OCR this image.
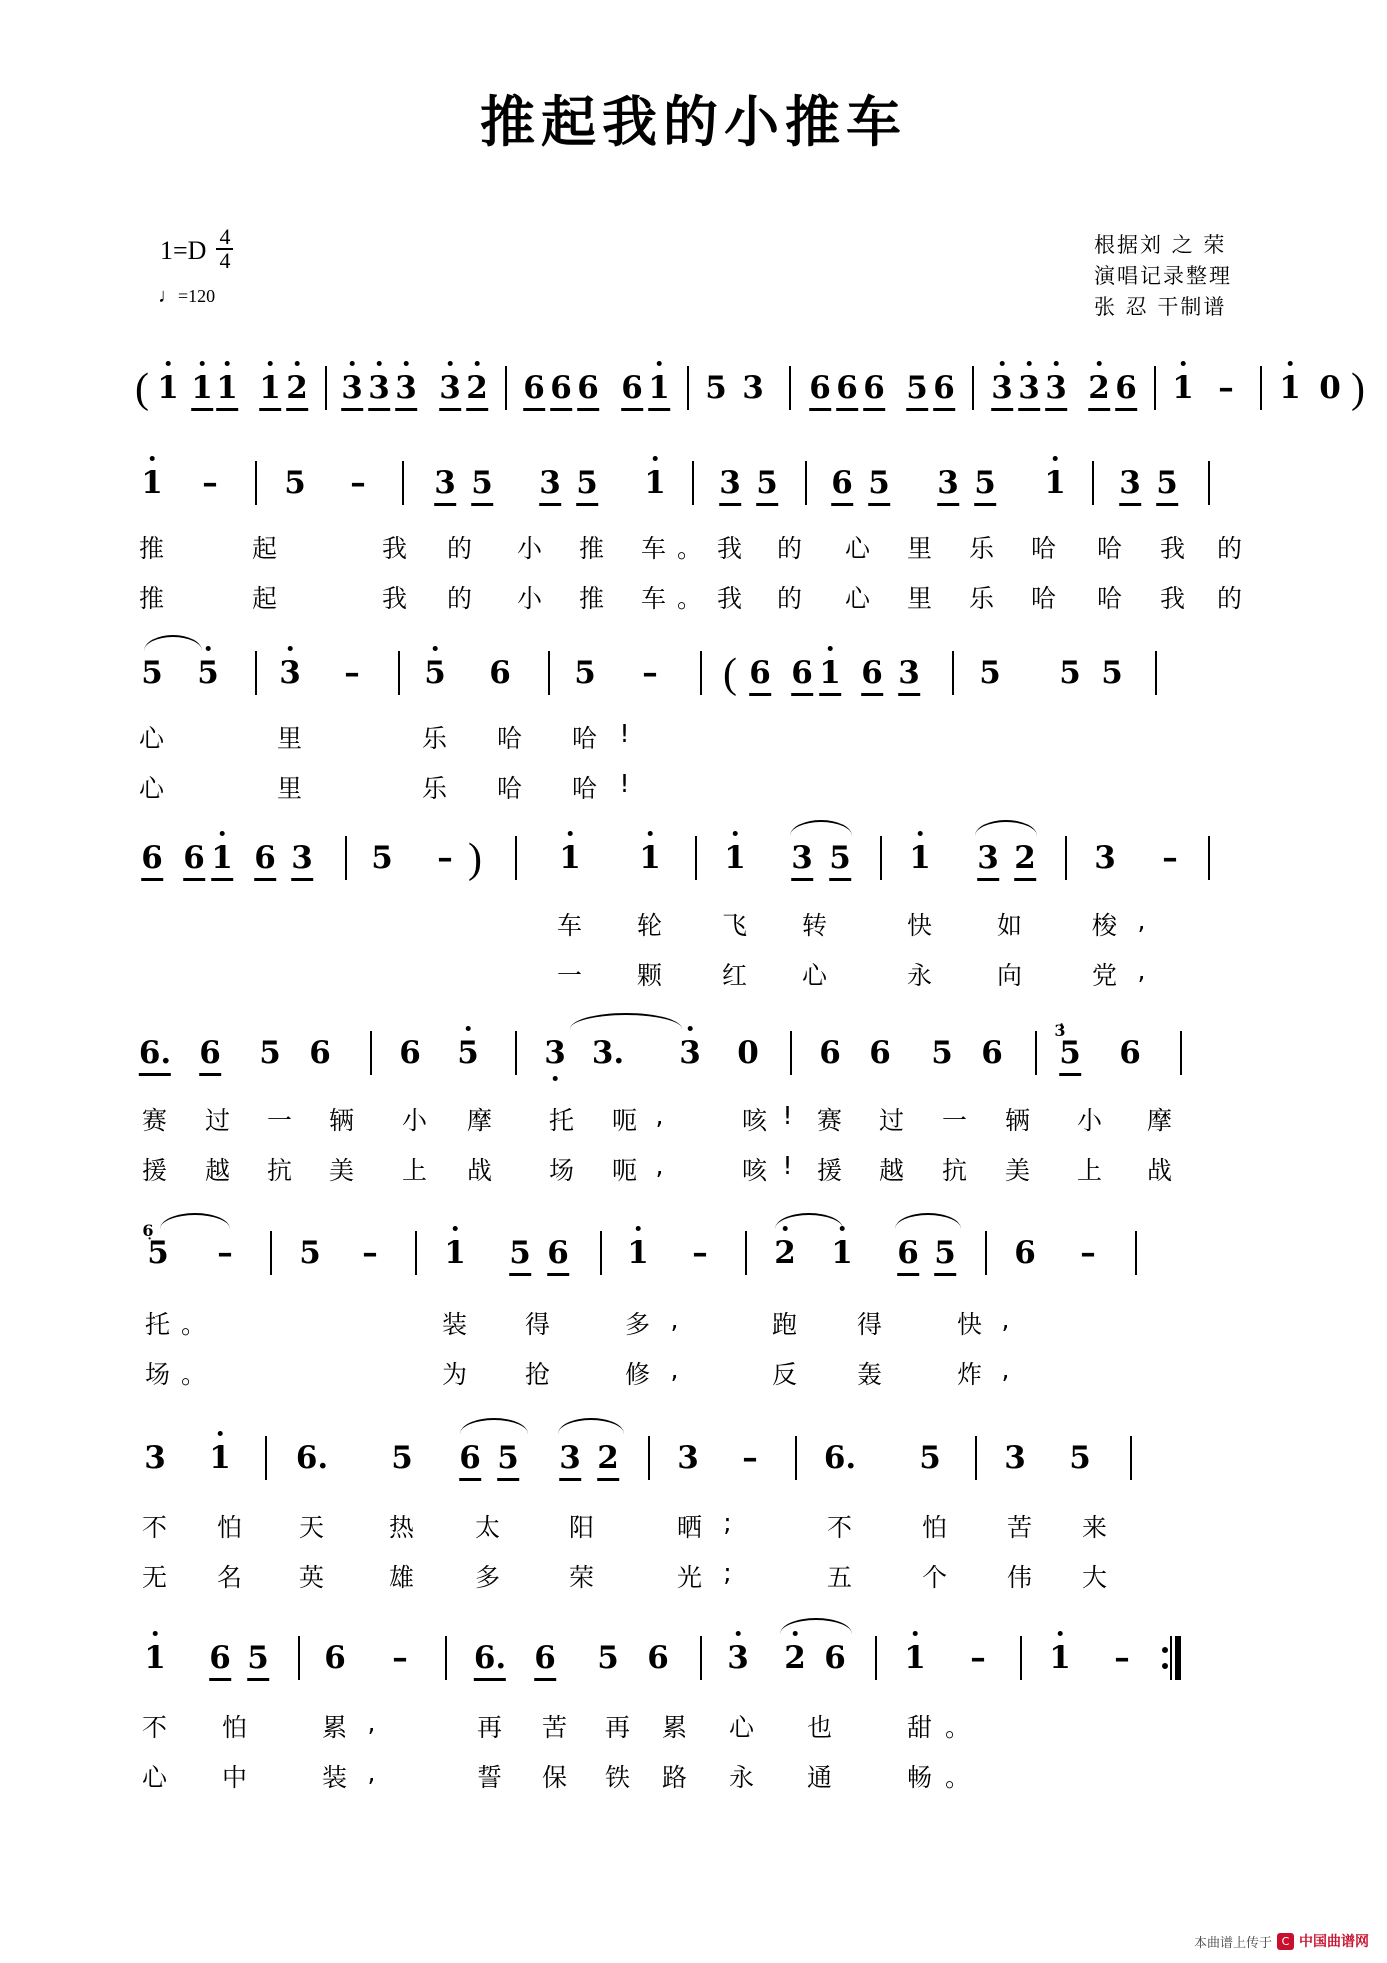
推起我的小推车
$1=D \frac{4}{4}$
♩=120
根据刘 之 荣
演唱记录整理
张 忍 干制谱
( 1 1 1 1 2 3 3 3 3 2 6 6 6 6 1 5 3 6 6 6 5 6 3 3 3 2 6 1 – 1 0 )
1 – 5 – 3 5 3 5 1 3 5 6 5 3 5 1 3 5
推	起	我 的 小 推 车 。 我 的 心 里 乐 哈 哈 我 的
推	起	我 的 小 推 车 。 我 的 心 里 乐 哈 哈 我 的
5 5 3 – 5 6 5 – ( 6 6 1 6 3 5 5 5
心	里	乐 哈 哈 !
心	里	乐 哈 哈 !
6 6 1 6 3 5 – ) 1 1 1 3 5 1 3 2 3 –
车 轮 飞 转	快	如	梭 ,
一 颗 红 心	永	向	党 ,
6. 6 5 6 6 5 3 3. 3 0 6 6 5 6
3̇
5 6
赛 过 一 辆 小 摩 托 呃 ,	咳 ! 赛 过 一 辆 小 摩
援 越 抗 美 上 战 场 呃 ,	咳 ! 援 越 抗 美 上 战
6̣
5 – 5 – 1 5 6 1 – 2 1 6 5 6 –
托 。	装 得	多 ,	跑 得	快 ,
场 。	为 抢	修 ,	反 轰	炸 ,
3 1 6. 5 6 5 3 2 3 – 6. 5 3 5
不 怕 天	热 太	阳	晒 ;	不	怕 苦 来
无 名 英	雄 多	荣	光 ;	五	个 伟 大
1 6 5 6 – 6. 6 5 6 3 2 6 1 – 1 –
不 怕	累 ,	再 苦 再 累 心 也	甜 。
心 中	装 ,	誓 保 铁 路 永 通	畅 。
本曲谱上传于 C 中国曲谱网
